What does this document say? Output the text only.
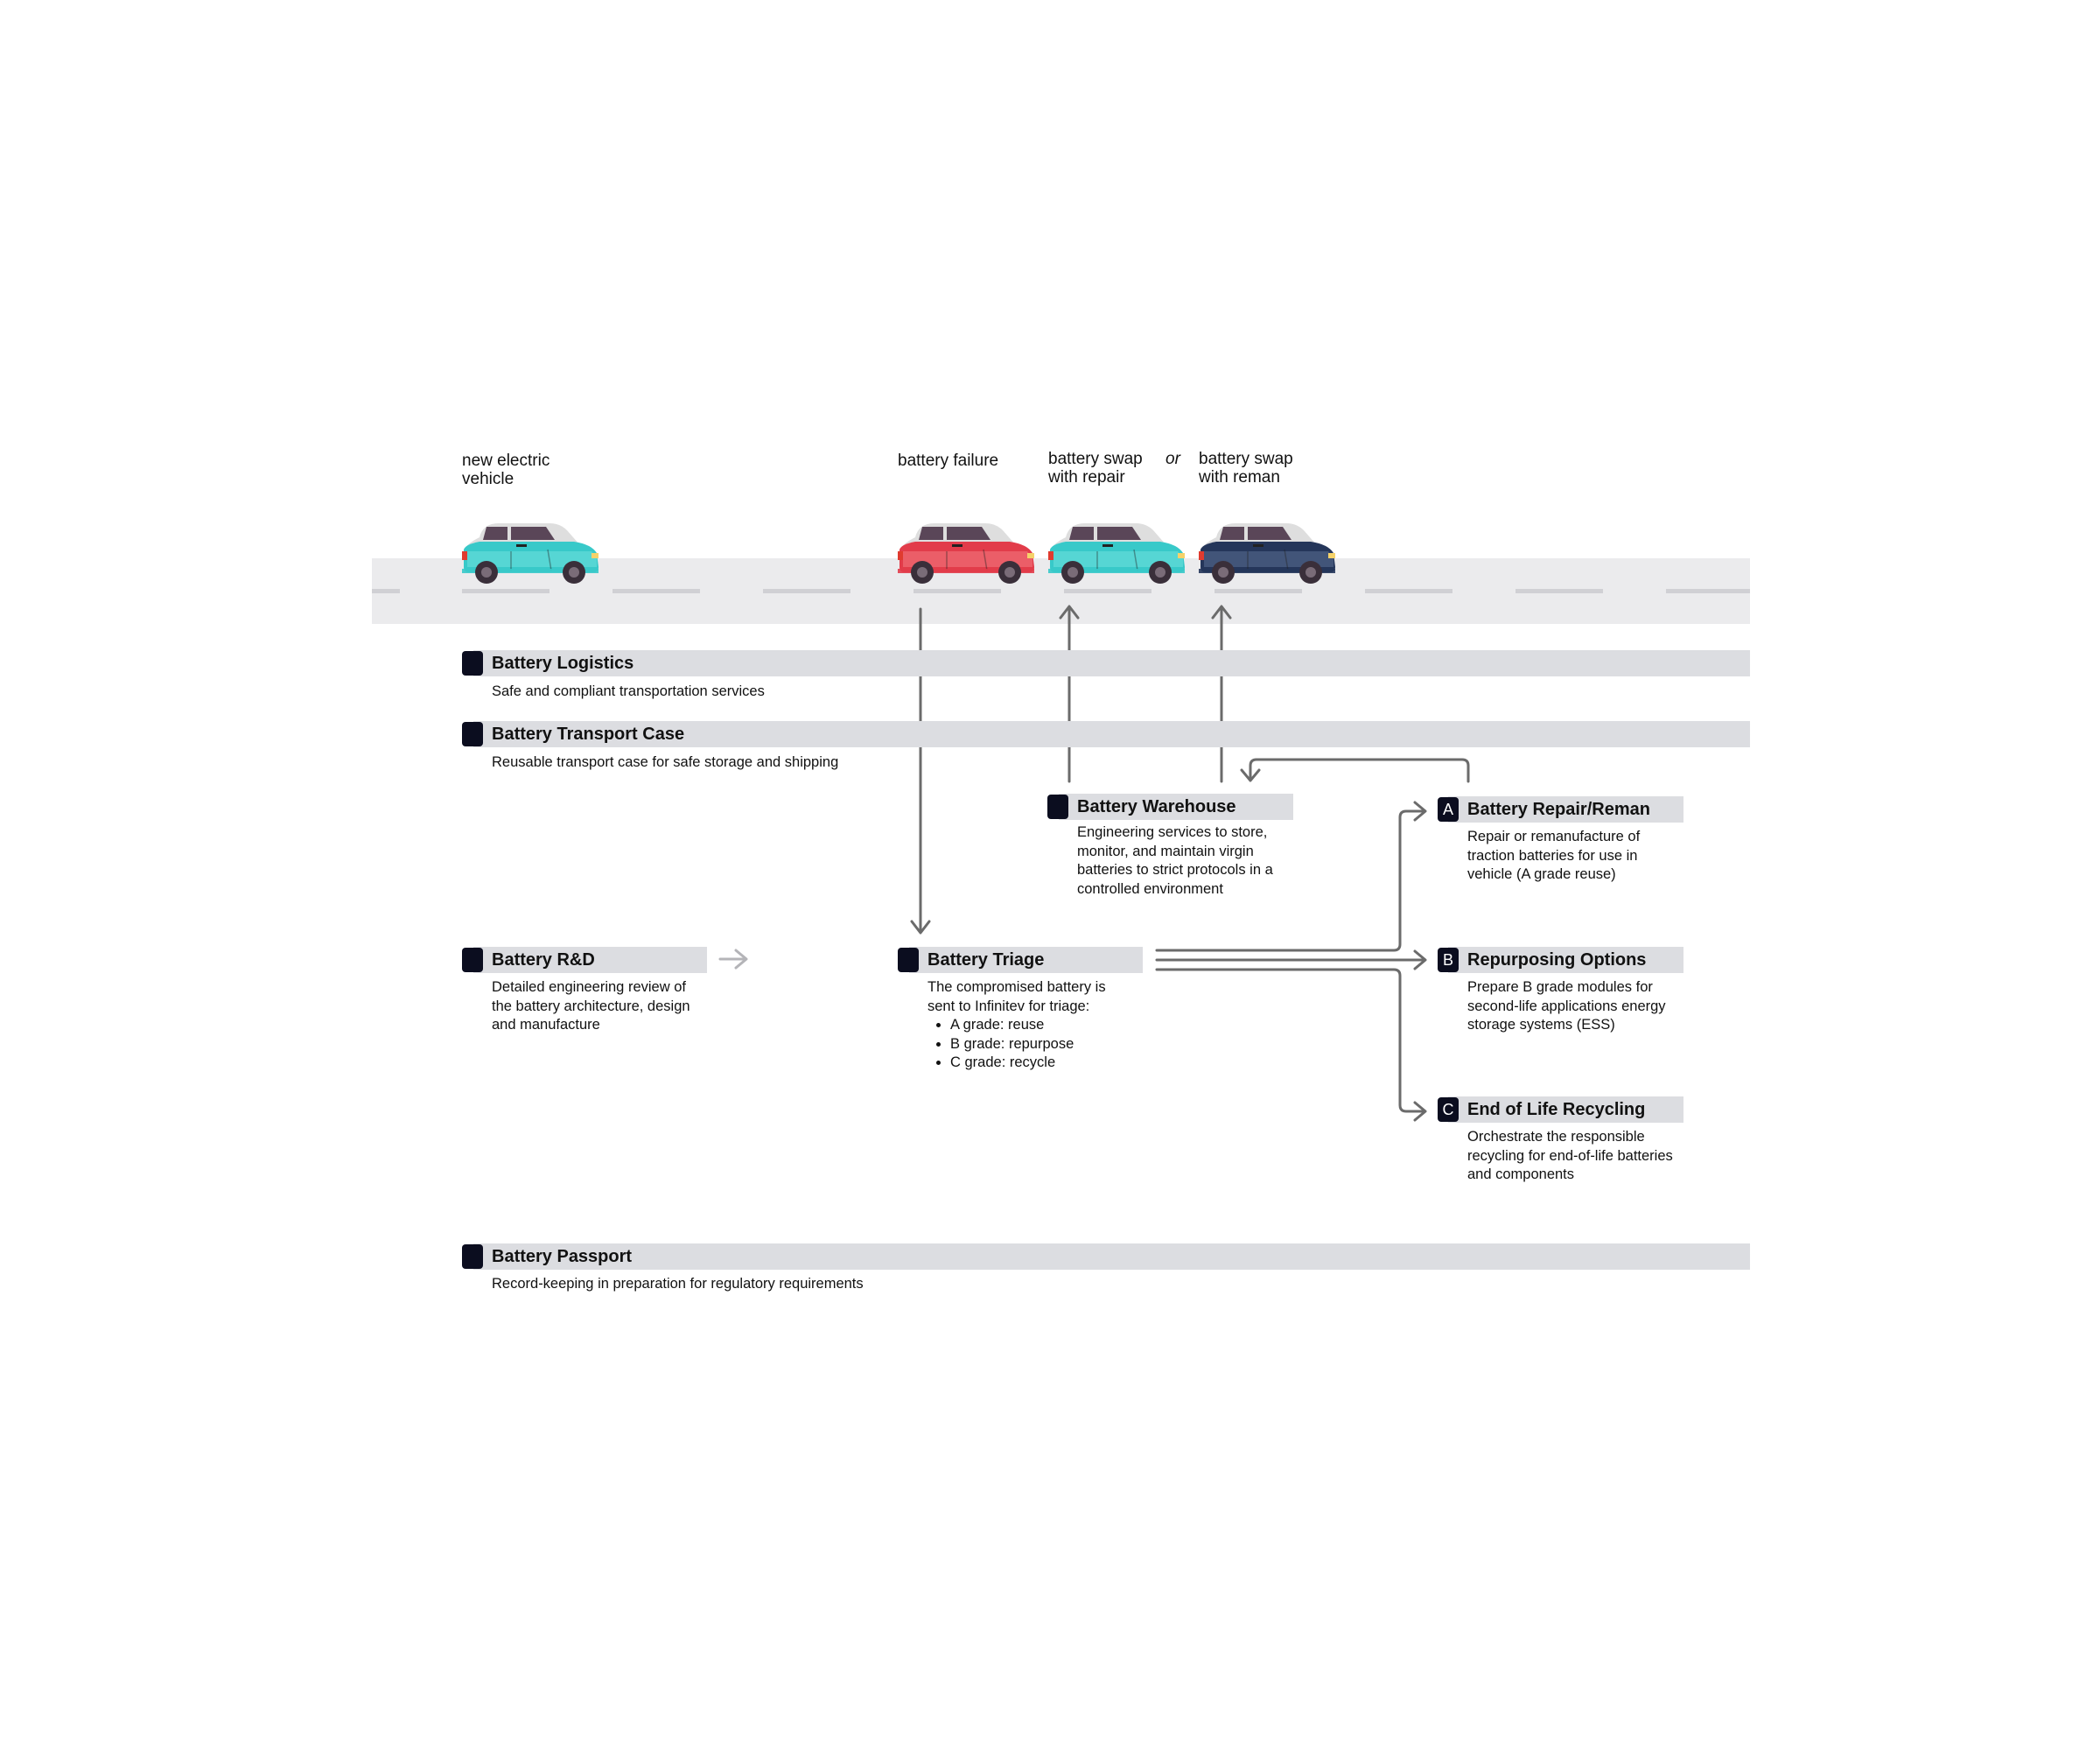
new electric vehicle
battery failure	battery swap with repair
or battery swap with reman
Battery Logistics
Safe and compliant transportation services
Battery Transport Case
Reusable transport case for safe storage and shipping
Battery Warehouse
Engineering services to store, monitor, and maintain virgin batteries to strict protocols in a controlled environment
A Battery Repair/Reman
Repair or remanufacture of traction batteries for use in vehicle (A grade reuse)
Battery R&D
Detailed engineering review of the battery architecture, design and manufacture
Battery Triage
The compromised battery is sent to Infinitev for triage:
• A grade: reuse
• B grade: repurpose
• C grade: recycle
B Repurposing Options
Prepare B grade modules for second-life applications energy storage systems (ESS)
C End of Life Recycling
Orchestrate the responsible recycling for end-of-life batteries and components
Battery Passport
Record-keeping in preparation for regulatory requirements
